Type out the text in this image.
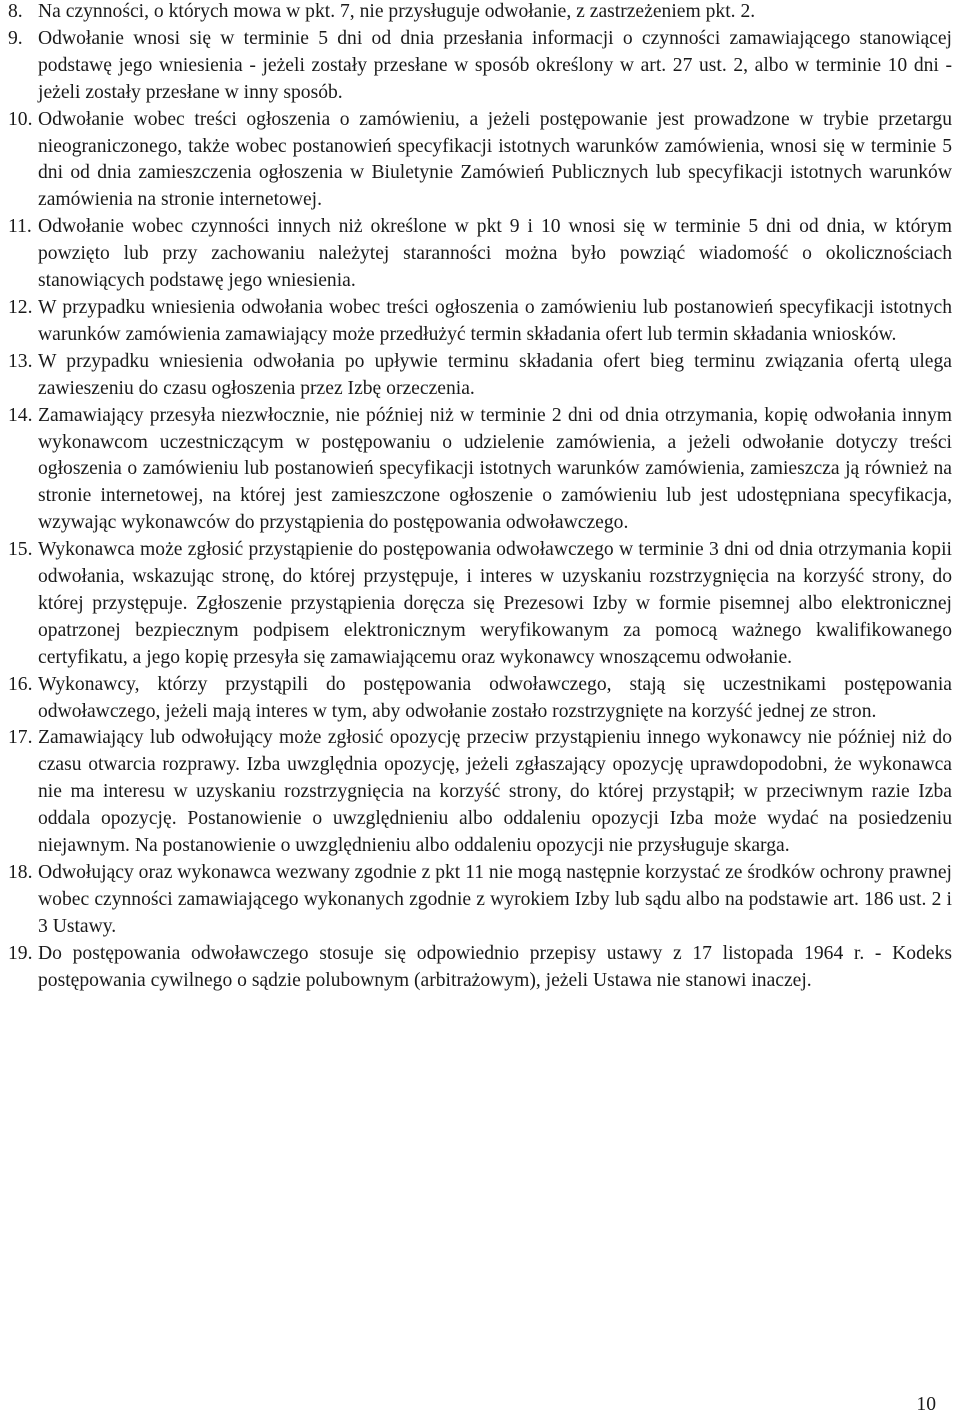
8. Na czynności, o których mowa w pkt. 7, nie przysługuje odwołanie, z zastrzeżeniem pkt. 2.
9. Odwołanie wnosi się w terminie 5 dni od dnia przesłania informacji o czynności zamawiającego stanowiącej podstawę jego wniesienia - jeżeli zostały przesłane w sposób określony w art. 27 ust. 2, albo w terminie 10 dni - jeżeli zostały przesłane w inny sposób.
10. Odwołanie wobec treści ogłoszenia o zamówieniu, a jeżeli postępowanie jest prowadzone w trybie przetargu nieograniczonego, także wobec postanowień specyfikacji istotnych warunków zamówienia, wnosi się w terminie 5 dni od dnia zamieszczenia ogłoszenia w Biuletynie Zamówień Publicznych lub specyfikacji istotnych warunków zamówienia na stronie internetowej.
11. Odwołanie wobec czynności innych niż określone w pkt 9 i 10 wnosi się w terminie 5 dni od dnia, w którym powzięto lub przy zachowaniu należytej staranności można było powziąć wiadomość o okolicznościach stanowiących podstawę jego wniesienia.
12. W przypadku wniesienia odwołania wobec treści ogłoszenia o zamówieniu lub postanowień specyfikacji istotnych warunków zamówienia zamawiający może przedłużyć termin składania ofert lub termin składania wniosków.
13. W przypadku wniesienia odwołania po upływie terminu składania ofert bieg terminu związania ofertą ulega zawieszeniu do czasu ogłoszenia przez Izbę orzeczenia.
14. Zamawiający przesyła niezwłocznie, nie później niż w terminie 2 dni od dnia otrzymania, kopię odwołania innym wykonawcom uczestniczącym w postępowaniu o udzielenie zamówienia, a jeżeli odwołanie dotyczy treści ogłoszenia o zamówieniu lub postanowień specyfikacji istotnych warunków zamówienia, zamieszcza ją również na stronie internetowej, na której jest zamieszczone ogłoszenie o zamówieniu lub jest udostępniana specyfikacja, wzywając wykonawców do przystąpienia do postępowania odwoławczego.
15. Wykonawca może zgłosić przystąpienie do postępowania odwoławczego w terminie 3 dni od dnia otrzymania kopii odwołania, wskazując stronę, do której przystępuje, i interes w uzyskaniu rozstrzygnięcia na korzyść strony, do której przystępuje. Zgłoszenie przystąpienia doręcza się Prezesowi Izby w formie pisemnej albo elektronicznej opatrzonej bezpiecznym podpisem elektronicznym weryfikowanym za pomocą ważnego kwalifikowanego certyfikatu, a jego kopię przesyła się zamawiającemu oraz wykonawcy wnoszącemu odwołanie.
16. Wykonawcy, którzy przystąpili do postępowania odwoławczego, stają się uczestnikami postępowania odwoławczego, jeżeli mają interes w tym, aby odwołanie zostało rozstrzygnięte na korzyść jednej ze stron.
17. Zamawiający lub odwołujący może zgłosić opozycję przeciw przystąpieniu innego wykonawcy nie później niż do czasu otwarcia rozprawy. Izba uwzględnia opozycję, jeżeli zgłaszający opozycję uprawdopodobni, że wykonawca nie ma interesu w uzyskaniu rozstrzygnięcia na korzyść strony, do której przystąpił; w przeciwnym razie Izba oddala opozycję. Postanowienie o uwzględnieniu albo oddaleniu opozycji Izba może wydać na posiedzeniu niejawnym. Na postanowienie o uwzględnieniu albo oddaleniu opozycji nie przysługuje skarga.
18. Odwołujący oraz wykonawca wezwany zgodnie z pkt 11 nie mogą następnie korzystać ze środków ochrony prawnej wobec czynności zamawiającego wykonanych zgodnie z wyrokiem Izby lub sądu albo na podstawie art. 186 ust. 2 i 3 Ustawy.
19. Do postępowania odwoławczego stosuje się odpowiednio przepisy ustawy z 17 listopada 1964 r. - Kodeks postępowania cywilnego o sądzie polubownym (arbitrażowym), jeżeli Ustawa nie stanowi inaczej.
10
